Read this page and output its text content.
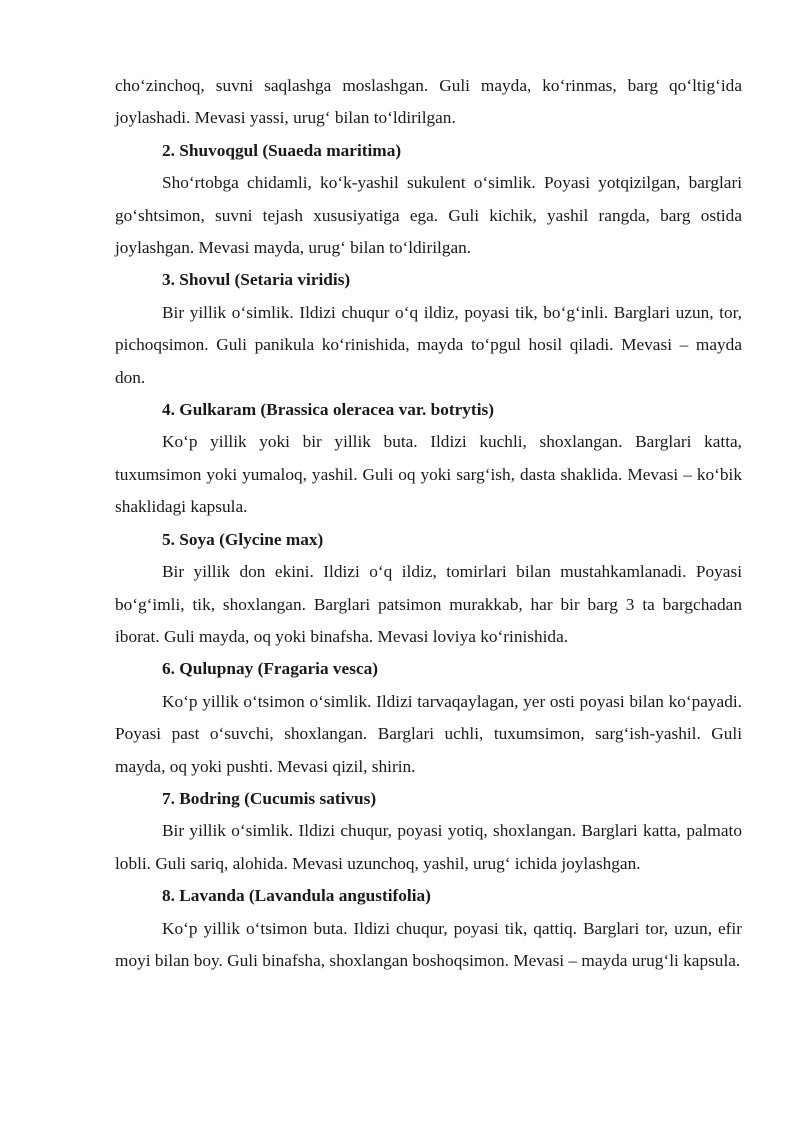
cho‘zinchoq, suvni saqlashga moslashgan. Guli mayda, ko‘rinmas, barg qo‘ltig‘ida joylashadi. Mevasi yassi, urug‘ bilan to‘ldirilgan.

2. Shuvoqgul (Suaeda maritima)

Sho‘rtobga chidamli, ko‘k-yashil sukulent o‘simlik. Poyasi yotqizilgan, barglari go‘shtsimon, suvni tejash xususiyatiga ega. Guli kichik, yashil rangda, barg ostida joylashgan. Mevasi mayda, urug‘ bilan to‘ldirilgan.

3. Shovul (Setaria viridis)

Bir yillik o‘simlik. Ildizi chuqur o‘q ildiz, poyasi tik, bo‘g‘inli. Barglari uzun, tor, pichoqsimon. Guli panikula ko‘rinishida, mayda to‘pgul hosil qiladi. Mevasi – mayda don.

4. Gulkaram (Brassica oleracea var. botrytis)

Ko‘p yillik yoki bir yillik buta. Ildizi kuchli, shoxlangan. Barglari katta, tuxumsimon yoki yumaloq, yashil. Guli oq yoki sarg‘ish, dasta shaklida. Mevasi – ko‘bik shaklidagi kapsula.

5. Soya (Glycine max)

Bir yillik don ekini. Ildizi o‘q ildiz, tomirlari bilan mustahkamlanadi. Poyasi bo‘g‘imli, tik, shoxlangan. Barglari patsimon murakkab, har bir barg 3 ta bargchadan iborat. Guli mayda, oq yoki binafsha. Mevasi loviya ko‘rinishida.

6. Qulupnay (Fragaria vesca)

Ko‘p yillik o‘tsimon o‘simlik. Ildizi tarvaqaylagan, yer osti poyasi bilan ko‘payadi. Poyasi past o‘suvchi, shoxlangan. Barglari uchli, tuxumsimon, sarg‘ish-yashil. Guli mayda, oq yoki pushti. Mevasi qizil, shirin.

7. Bodring (Cucumis sativus)

Bir yillik o‘simlik. Ildizi chuqur, poyasi yotiq, shoxlangan. Barglari katta, palmato lobli. Guli sariq, alohida. Mevasi uzunchoq, yashil, urug‘ ichida joylashgan.

8. Lavanda (Lavandula angustifolia)

Ko‘p yillik o‘tsimon buta. Ildizi chuqur, poyasi tik, qattiq. Barglari tor, uzun, efir moyi bilan boy. Guli binafsha, shoxlangan boshoqsimon. Mevasi – mayda urug‘li kapsula.
